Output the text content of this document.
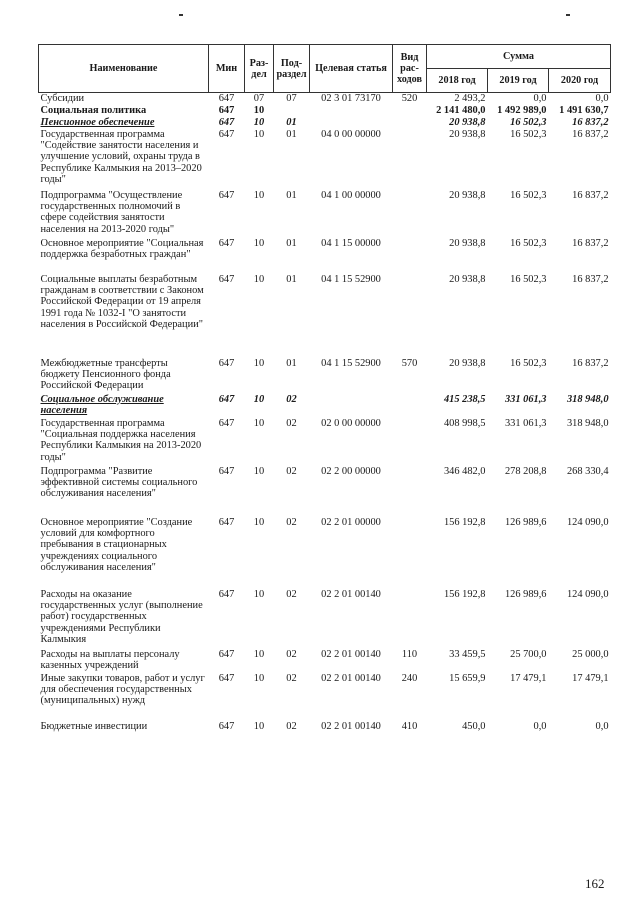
Наименование	Мин	Раз-дел	Под-раздел	Целевая статья	Вид рас-ходов	Сумма		
						2018 год	2019 год	2020 год
Субсидии	647	07	07	02 3 01 73170	520	2 493,2	0,0	0,0
Социальная политика	647	10				2 141 480,0	1 492 989,0	1 491 630,7
Пенсионное обеспечение	647	10	01			20 938,8	16 502,3	16 837,2
Государственная программа "Содействие занятости населения и улучшение условий, охраны труда в Республике Калмыкия на 2013–2020 годы"	647	10	01	04 0 00 00000		20 938,8	16 502,3	16 837,2
Подпрограмма "Осуществление государственных полномочий в сфере содействия занятости населения на 2013-2020 годы"	647	10	01	04 1 00 00000		20 938,8	16 502,3	16 837,2
Основное мероприятие "Социальная поддержка безработных граждан"	647	10	01	04 1 15 00000		20 938,8	16 502,3	16 837,2
Социальные выплаты безработным гражданам в соответствии с Законом Российской Федерации от 19 апреля 1991 года № 1032-I "О занятости населения в Российской Федерации"	647	10	01	04 1 15 52900		20 938,8	16 502,3	16 837,2
Межбюджетные трансферты бюджету Пенсионного фонда Российской Федерации	647	10	01	04 1 15 52900	570	20 938,8	16 502,3	16 837,2
Социальное обслуживание населения	647	10	02			415 238,5	331 061,3	318 948,0
Государственная программа "Социальная поддержка населения Республики Калмыкия на 2013-2020 годы"	647	10	02	02 0 00 00000		408 998,5	331 061,3	318 948,0
Подпрограмма "Развитие эффективной системы социального обслуживания населения"	647	10	02	02 2 00 00000		346 482,0	278 208,8	268 330,4
Основное мероприятие "Создание условий для комфортного пребывания в стационарных учреждениях социального обслуживания населения"	647	10	02	02 2 01 00000		156 192,8	126 989,6	124 090,0
Расходы на оказание государственных услуг (выполнение работ) государственных учреждениями Республики Калмыкия	647	10	02	02 2 01 00140		156 192,8	126 989,6	124 090,0
Расходы на выплаты персоналу казенных учреждений	647	10	02	02 2 01 00140	110	33 459,5	25 700,0	25 000,0
Иные закупки товаров, работ и услуг для обеспечения государственных (муниципальных) нужд	647	10	02	02 2 01 00140	240	15 659,9	17 479,1	17 479,1
Бюджетные инвестиции	647	10	02	02 2 01 00140	410	450,0	0,0	0,0
162
